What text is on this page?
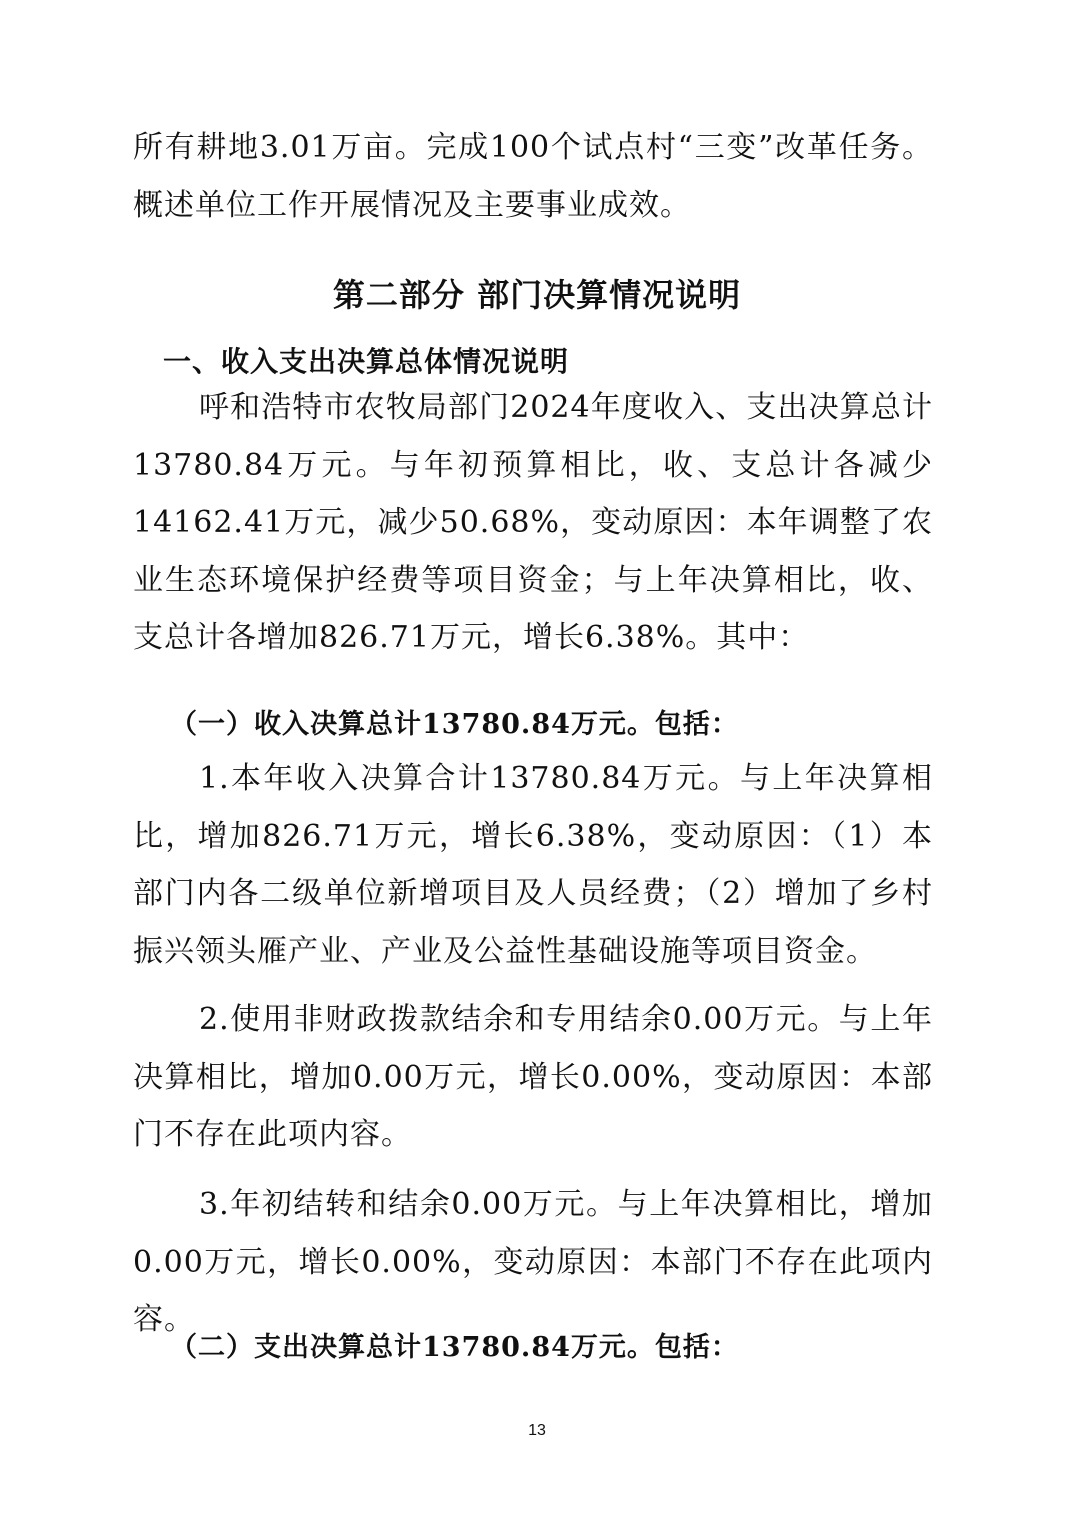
所有耕地3.01万亩。完成100个试点村“三变”改革任务。概述单位工作开展情况及主要事业成效。

第二部分 部门决算情况说明
一、收入支出决算总体情况说明

呼和浩特市农牧局部门2024年度收入、支出决算总计13780.84万元。与年初预算相比，收、支总计各减少14162.41万元，减少50.68%，变动原因：本年调整了农业生态环境保护经费等项目资金；与上年决算相比，收、支总计各增加826.71万元，增长6.38%。其中：

（一）收入决算总计13780.84万元。包括：

1.本年收入决算合计13780.84万元。与上年决算相比，增加826.71万元，增长6.38%，变动原因：（1）本部门内各二级单位新增项目及人员经费；（2）增加了乡村振兴领头雁产业、产业及公益性基础设施等项目资金。

2.使用非财政拨款结余和专用结余0.00万元。与上年决算相比，增加0.00万元，增长0.00%，变动原因：本部门不存在此项内容。

3.年初结转和结余0.00万元。与上年决算相比，增加0.00万元，增长0.00%，变动原因：本部门不存在此项内容。

（二）支出决算总计13780.84万元。包括：
13
